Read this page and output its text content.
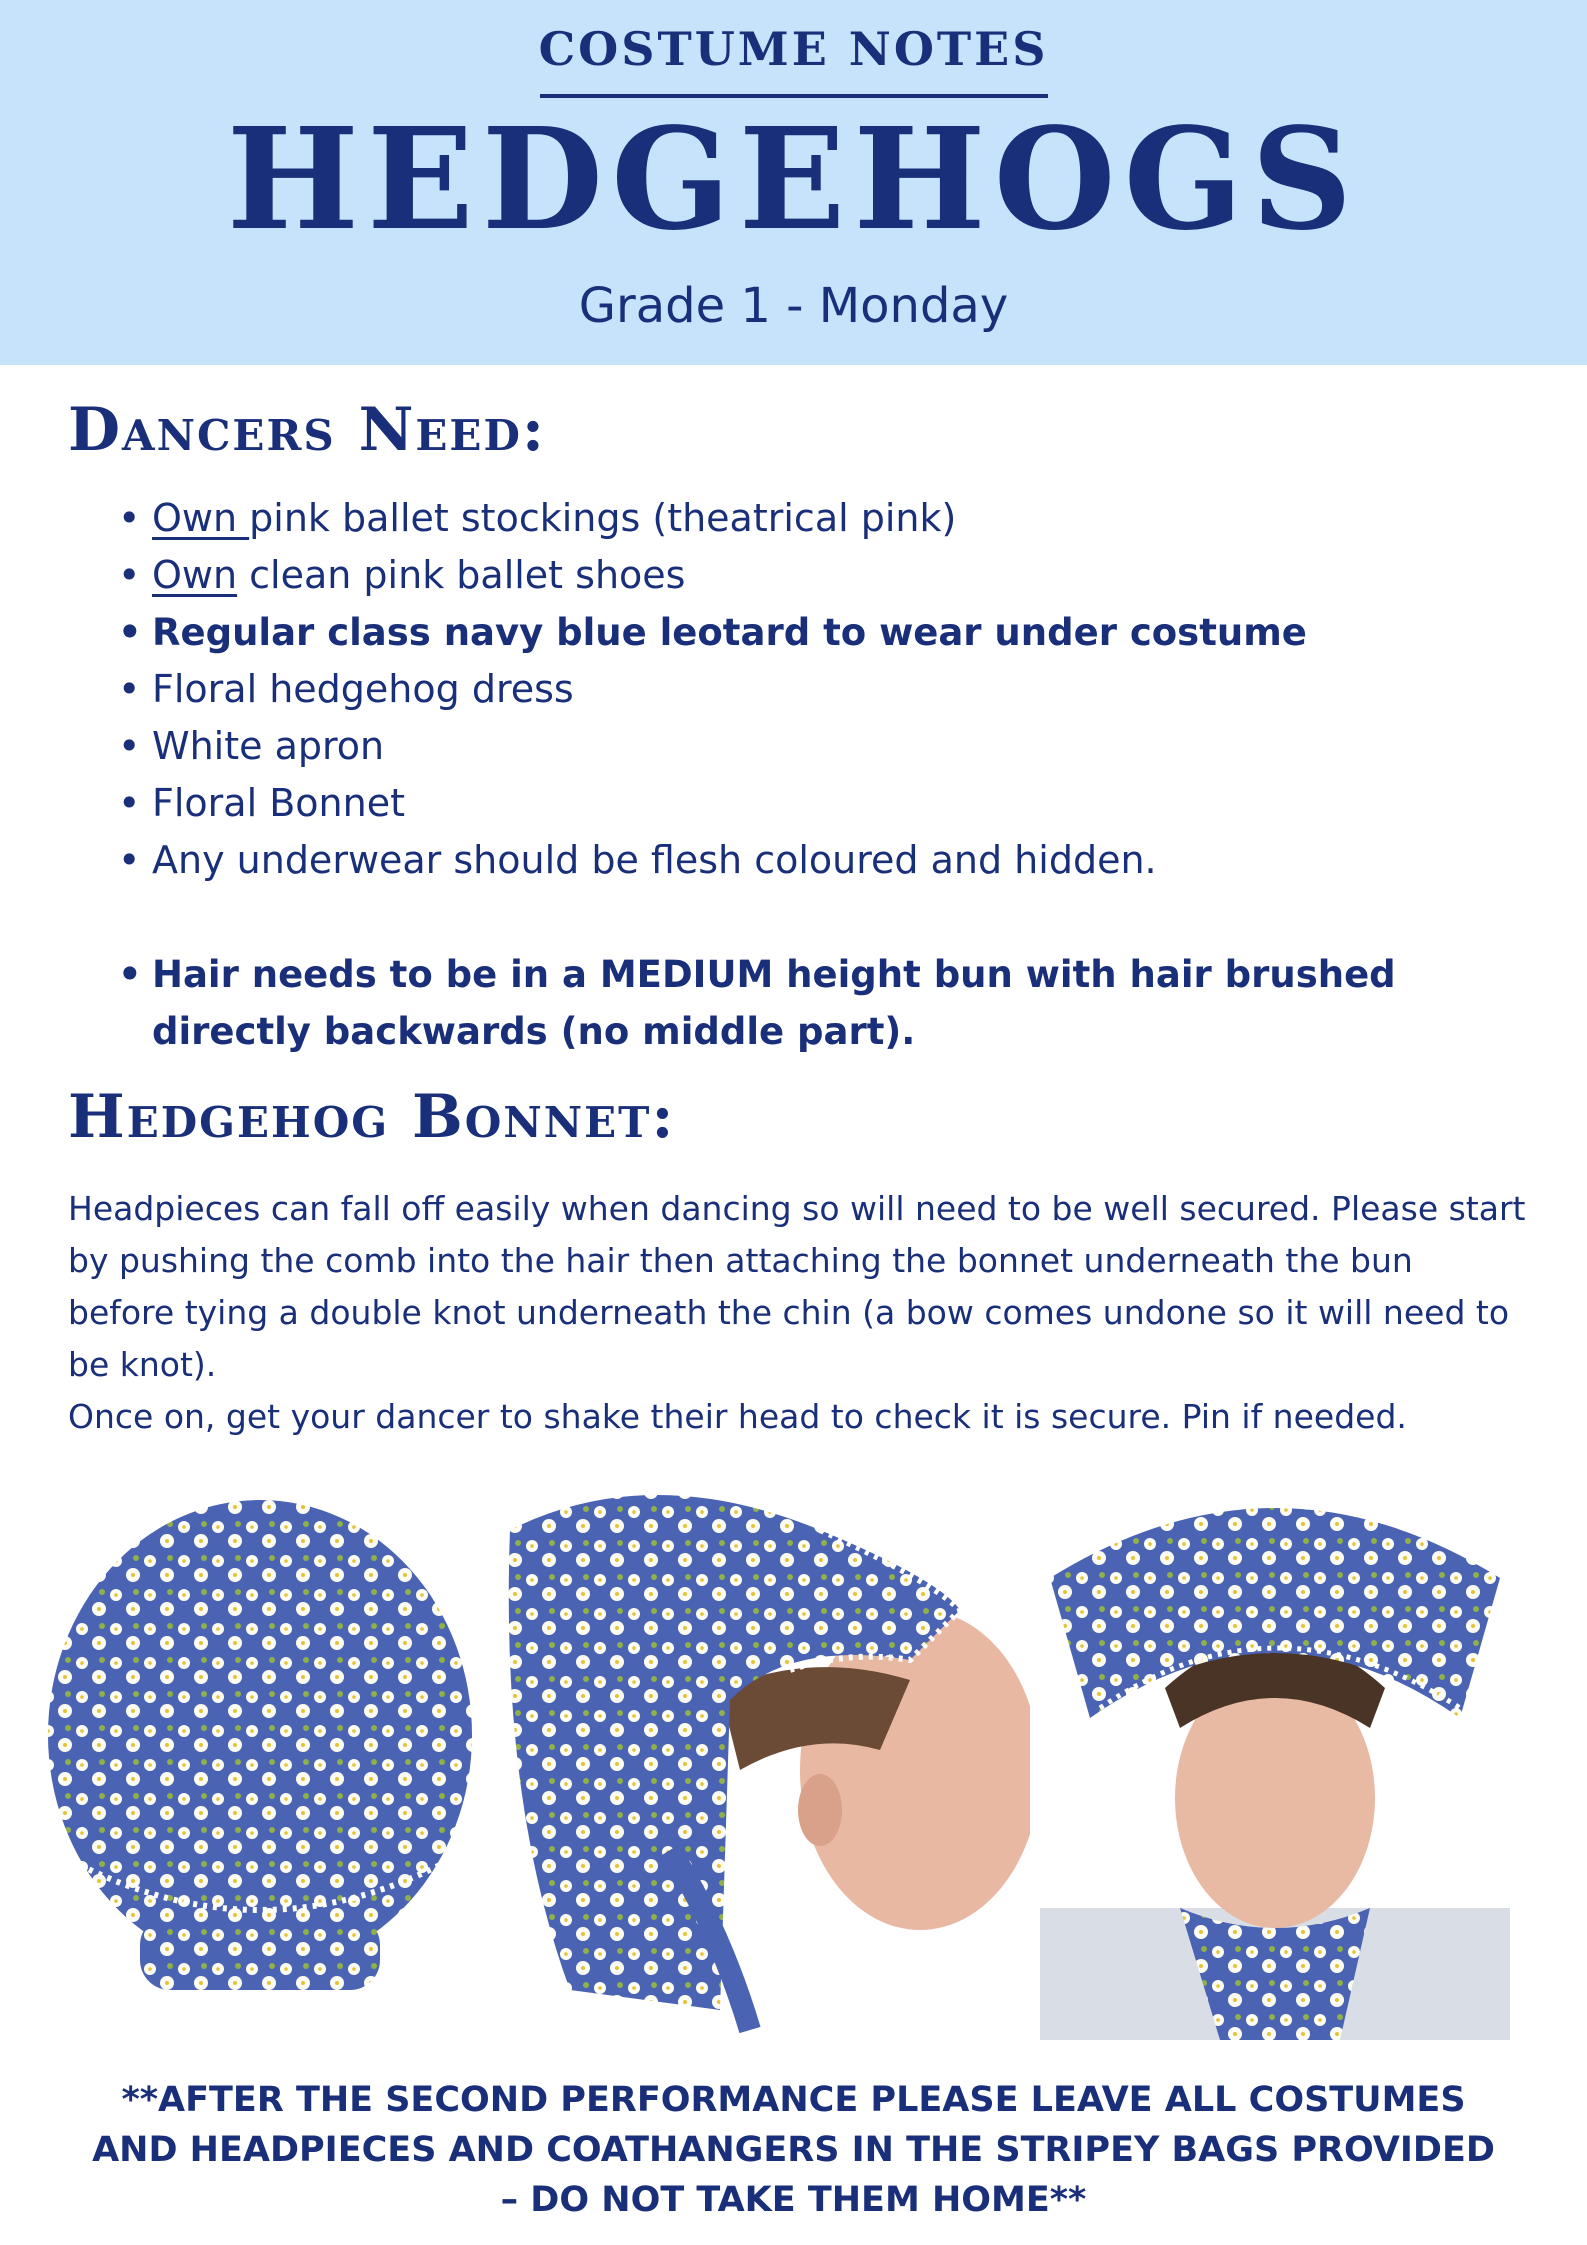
COSTUME NOTES
HEDGEHOGS
Grade 1 - Monday
Dancers Need:
• Own pink ballet stockings (theatrical pink)
• Own clean pink ballet shoes
• Regular class navy blue leotard to wear under costume
• Floral hedgehog dress
• White apron
• Floral Bonnet
• Any underwear should be flesh coloured and hidden.
• Hair needs to be in a MEDIUM height bun with hair brushed directly backwards (no middle part).
Hedgehog Bonnet:
Headpieces can fall off easily when dancing so will need to be well secured. Please start by pushing the comb into the hair then attaching the bonnet underneath the bun before tying a double knot underneath the chin (a bow comes undone so it will need to be knot).
Once on, get your dancer to shake their head to check it is secure. Pin if needed.
**AFTER THE SECOND PERFORMANCE PLEASE LEAVE ALL COSTUMES AND HEADPIECES AND COATHANGERS IN THE STRIPEY BAGS PROVIDED – DO NOT TAKE THEM HOME**
